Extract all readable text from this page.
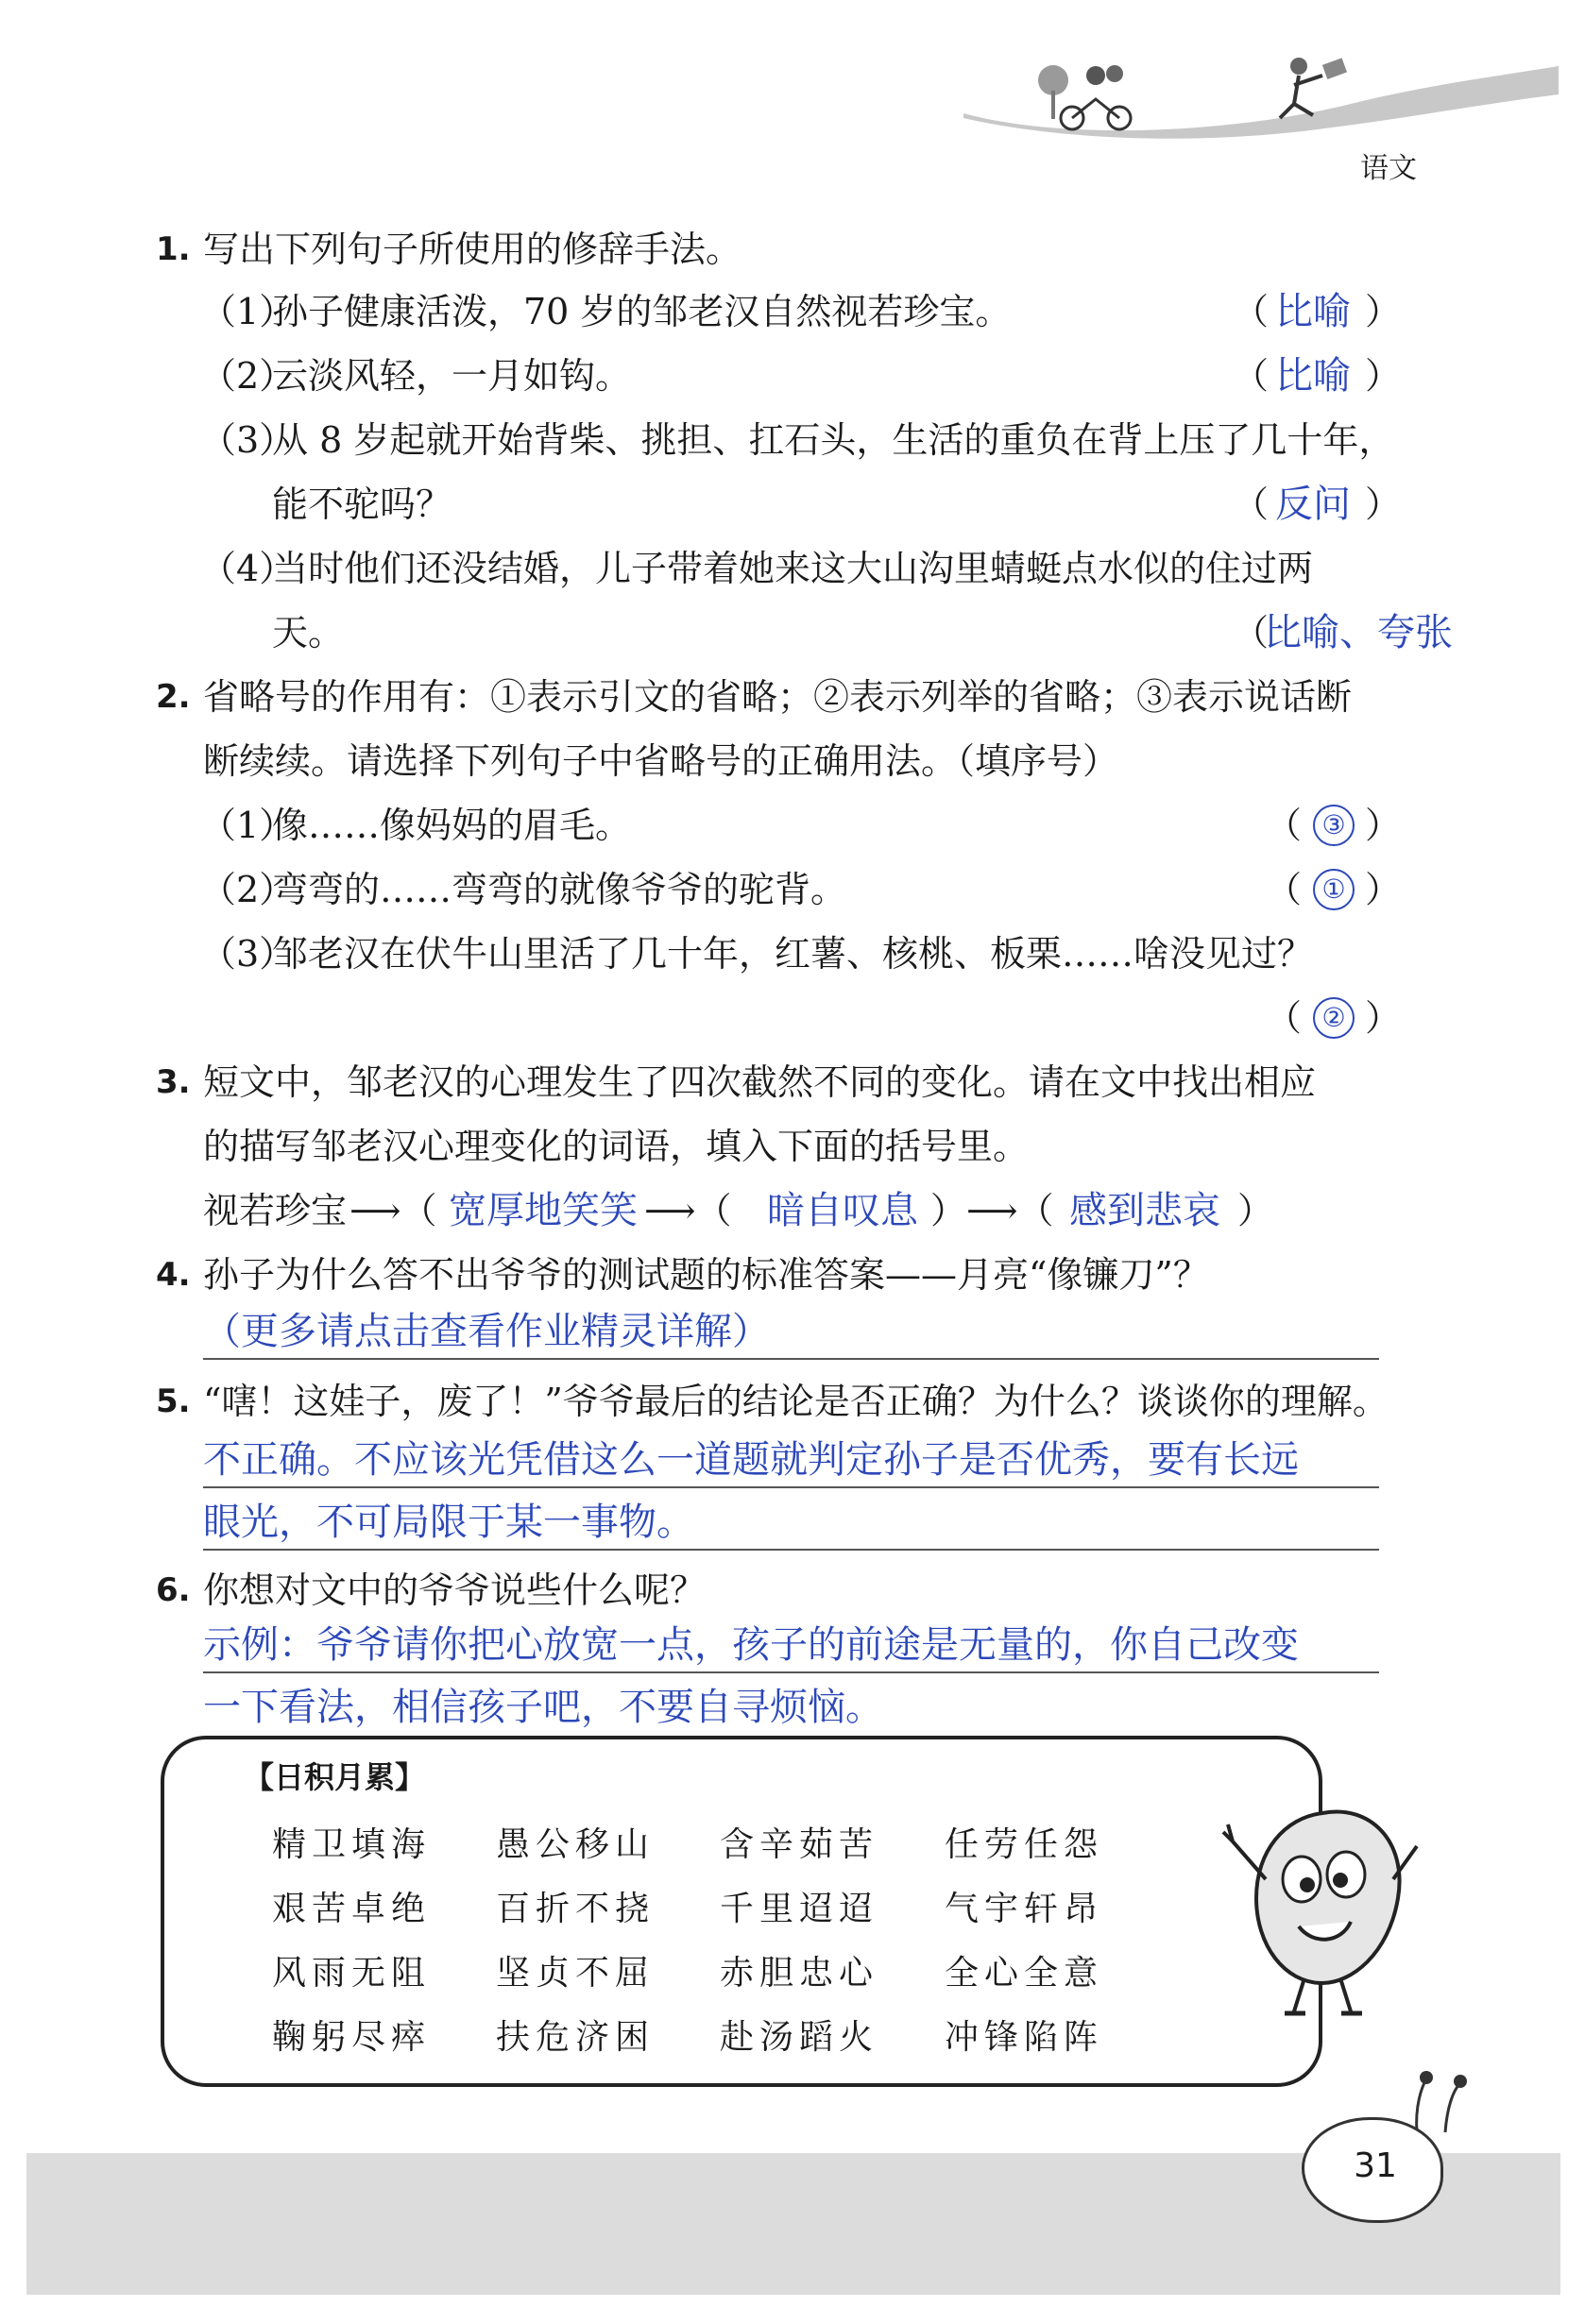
语文
1. 写出下列句子所使用的修辞手法。
（1）
孙子健康活泼，70 岁的邹老汉自然视若珍宝。	（ 比喻 ）
（2）
云淡风轻，一月如钩。	（ 比喻 ）
（3）
从 8 岁起就开始背柴、挑担、扛石头，生活的重负在背上压了几十年，
能不驼吗？	（ 反问 ）
（4）
当时他们还没结婚，儿子带着她来这大山沟里蜻蜓点水似的住过两
天。	（
比喻、夸张
2. 省略号的作用有：①表示引文的省略；②表示列举的省略；③表示说话断
断续续。请选择下列句子中省略号的正确用法。（填序号）
（1）
像……像妈妈的眉毛。	（ ③ ）
（2）
弯弯的……弯弯的就像爷爷的驼背。	（ ① ）
（3）
邹老汉在伏牛山里活了几十年，红薯、核桃、板栗……啥没见过？
（ ② ）
3. 短文中，邹老汉的心理发生了四次截然不同的变化。请在文中找出相应
的描写邹老汉心理变化的词语，填入下面的括号里。
视若珍宝 ⟶（ 宽厚地笑笑 ⟶（ 暗自叹息 ）⟶（ 感到悲哀 ）
4. 孙子为什么答不出爷爷的测试题的标准答案——月亮“像镰刀”？
（更多请点击查看作业精灵详解）
5. “嗐！这娃子，废了！”爷爷最后的结论是否正确？为什么？谈谈你的理解。
不正确。不应该光凭借这么一道题就判定孙子是否优秀，要有长远
眼光，不可局限于某一事物。
6. 你想对文中的爷爷说些什么呢？
示例：爷爷请你把心放宽一点，孩子的前途是无量的，你自己改变
一下看法，相信孩子吧，不要自寻烦恼。
【日积月累】
精卫填海 愚公移山 含辛茹苦 任劳任怨
艰苦卓绝 百折不挠 千里迢迢 气宇轩昂
风雨无阻 坚贞不屈 赤胆忠心 全心全意
鞠躬尽瘁 扶危济困 赴汤蹈火 冲锋陷阵
31
